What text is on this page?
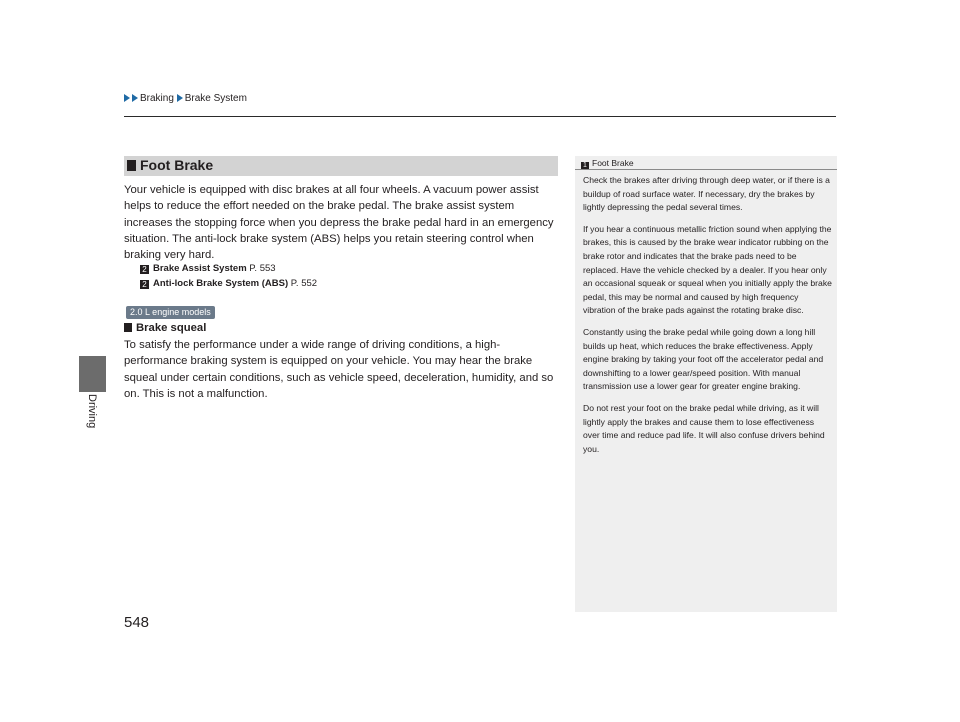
Braking Brake System
Driving
Foot Brake
Your vehicle is equipped with disc brakes at all four wheels. A vacuum power assist helps to reduce the effort needed on the brake pedal. The brake assist system increases the stopping force when you depress the brake pedal hard in an emergency situation. The anti-lock brake system (ABS) helps you retain steering control when braking very hard.
2 Brake Assist System P. 553
2 Anti-lock Brake System (ABS) P. 552
2.0 L engine models
Brake squeal
To satisfy the performance under a wide range of driving conditions, a high-performance braking system is equipped on your vehicle. You may hear the brake squeal under certain conditions, such as vehicle speed, deceleration, humidity, and so on. This is not a malfunction.
1 Foot Brake

Check the brakes after driving through deep water, or if there is a buildup of road surface water. If necessary, dry the brakes by lightly depressing the pedal several times.

If you hear a continuous metallic friction sound when applying the brakes, this is caused by the brake wear indicator rubbing on the brake rotor and indicates that the brake pads need to be replaced. Have the vehicle checked by a dealer. If you hear only an occasional squeak or squeal when you initially apply the brake pedal, this may be normal and caused by high frequency vibration of the brake pads against the rotating brake disc.

Constantly using the brake pedal while going down a long hill builds up heat, which reduces the brake effectiveness. Apply engine braking by taking your foot off the accelerator pedal and downshifting to a lower gear/speed position. With manual transmission use a lower gear for greater engine braking.

Do not rest your foot on the brake pedal while driving, as it will lightly apply the brakes and cause them to lose effectiveness over time and reduce pad life. It will also confuse drivers behind you.

548
